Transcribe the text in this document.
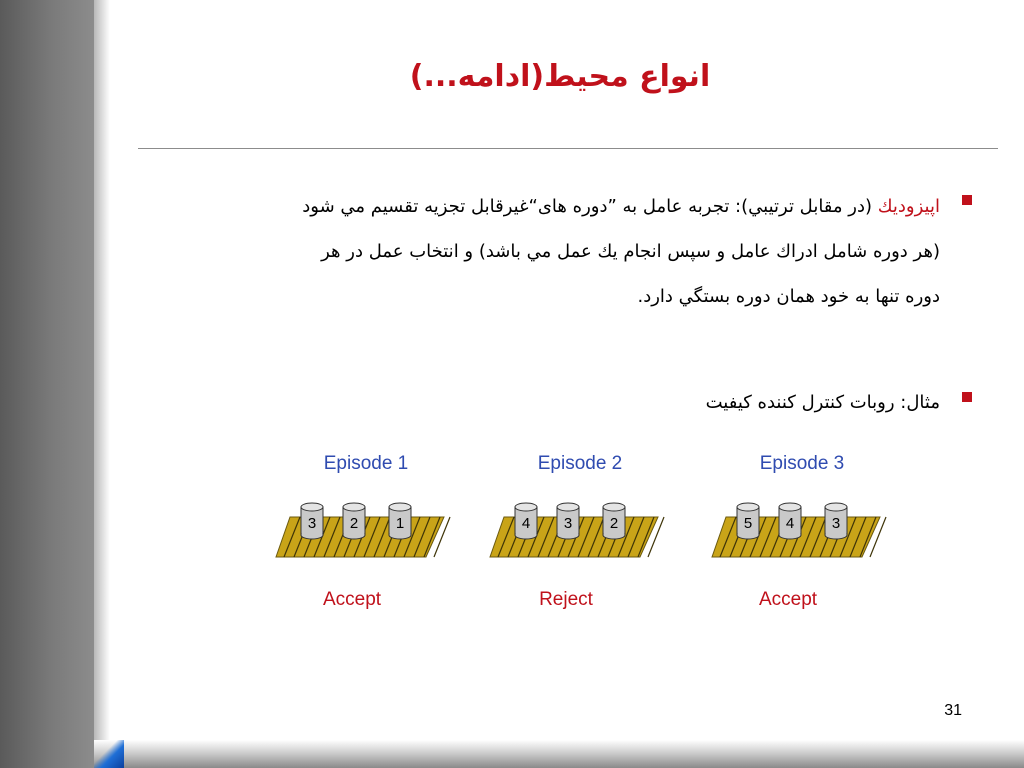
انواع محيط(ادامه...)
اپيزوديك (در مقابل ترتيبي): تجربه عامل به ”دوره هاى“غيرقابل تجزيه تقسيم مي شود
(هر دوره شامل ادراك عامل و سپس انجام يك عمل مي باشد) و انتخاب عمل در هر
دوره تنها به خود همان دوره بستگي دارد.
مثال: روبات كنترل كننده كيفيت
Episode 1	Episode 2	Episode 3
3 2	1	4 3	2	5 4	3
Accept	Reject	Accept
31
